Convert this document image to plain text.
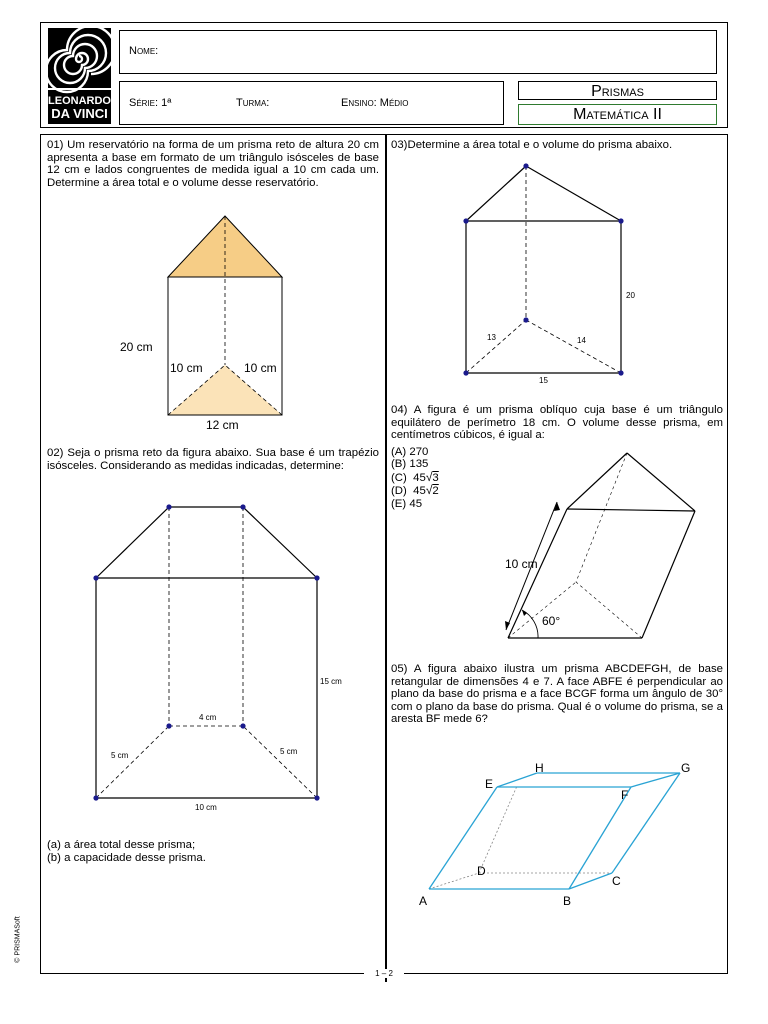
LEONARDO
DA VINCI
Nome:
Série: 1ª	Turma:	Ensino: Médio
Prismas
Matemática II
01) Um reservatório na forma de um prisma reto de altura 20 cm apresenta a base em formato de um triângulo isósceles de base 12 cm e lados congruentes de medida igual a 10 cm cada um. Determine a área total e o volume desse reservatório.
20 cm
10 cm	10 cm
12 cm
02) Seja o prisma reto da figura abaixo. Sua base é um trapézio isósceles. Considerando as medidas indicadas, determine:
4 cm
5 cm	5 cm
10 cm
15 cm
(a) a área total desse prisma;
(b) a capacidade desse prisma.
03)Determine a área total e o volume do prisma abaixo.
20
13	14
15
04) A figura é um prisma oblíquo cuja base é um triângulo equilátero de perímetro 18 cm. O volume desse prisma, em centímetros cúbicos, é igual a:
(A) 270
(B) 135
(C) 45√3
(D) 45√2
(E) 45
10 cm
60°
05) A figura abaixo ilustra um prisma ABCDEFGH, de base retangular de dimensões 4 e 7. A face ABFE é perpendicular ao plano da base do prisma e a face BCGF forma um ângulo de 30° com o plano da base do prisma. Qual é o volume do prisma, se a aresta BF mede 6?
A	B
C
D
E
F
G
H
© PRISMASoft
1 – 2
